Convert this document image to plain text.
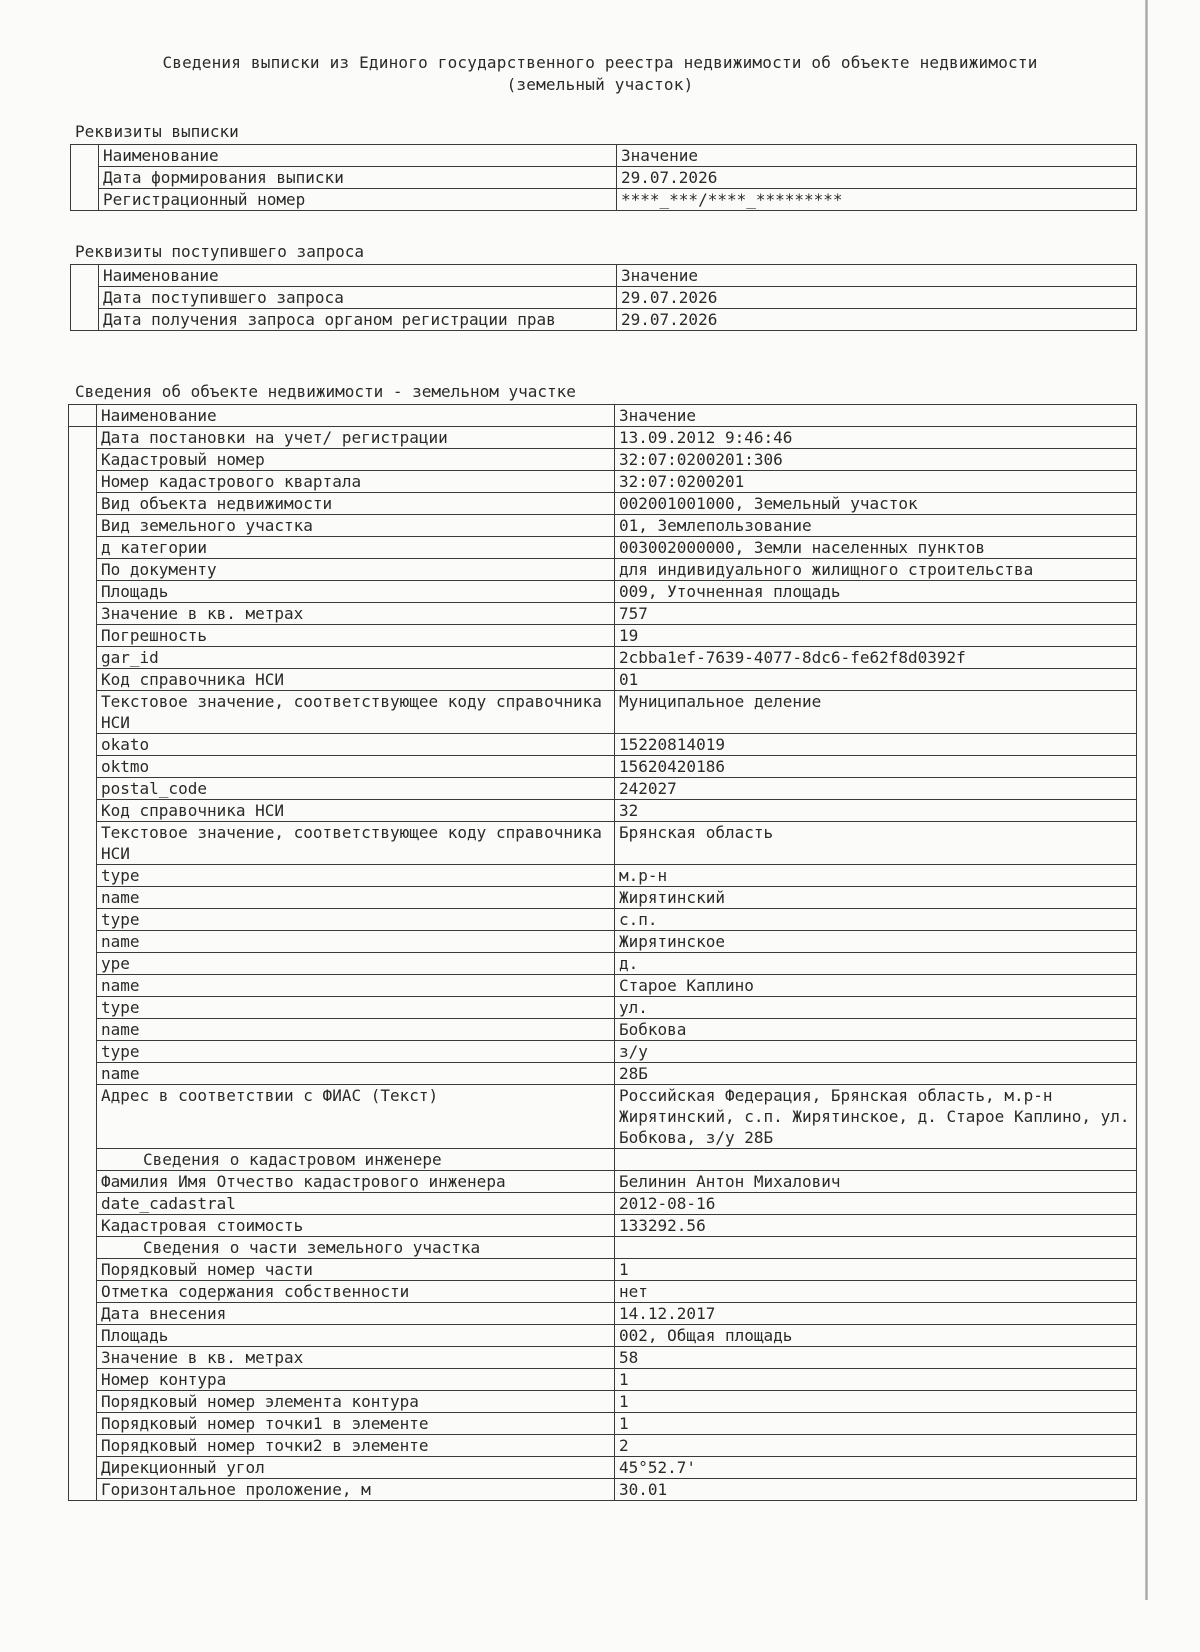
Сведения выписки из Единого государственного реестра недвижимости об объекте недвижимости
(земельный участок)
Реквизиты выписки
	Наименование	Значение
	Дата формирования выписки	29.07.2026
	Регистрационный номер	****_***/****_*********
Реквизиты поступившего запроса
	Наименование	Значение
	Дата поступившего запроса	29.07.2026
	Дата получения запроса органом регистрации прав	29.07.2026
Сведения об объекте недвижимости - земельном участке
	Наименование	Значение
	Дата постановки на учет/ регистрации	13.09.2012 9:46:46
	Кадастровый номер	32:07:0200201:306
	Номер кадастрового квартала	32:07:0200201
	Вид объекта недвижимости	002001001000, Земельный участок
	Вид земельного участка	01, Землепользование
	д категории	003002000000, Земли населенных пунктов
	По документу	для индивидуального жилищного строительства
	Площадь	009, Уточненная площадь
	Значение в кв. метрах	757
	Погрешность	19
	gar_id	2cbba1ef-7639-4077-8dc6-fe62f8d0392f
	Код справочника НСИ	01
	Текстовое значение, соответствующее коду справочника НСИ	Муниципальное деление
	okato	15220814019
	oktmo	15620420186
	postal_code	242027
	Код справочника НСИ	32
	Текстовое значение, соответствующее коду справочника НСИ	Брянская область
	type	м.р-н
	name	Жирятинский
	type	с.п.
	name	Жирятинское
	ype	д.
	name	Старое Каплино
	type	ул.
	name	Бобкова
	type	з/у
	name	28Б
	Адрес в соответствии с ФИАС (Текст)	Российская Федерация, Брянская область, м.р-н Жирятинский, с.п. Жирятинское, д. Старое Каплино, ул. Бобкова, з/у 28Б
	Сведения о кадастровом инженере	
	Фамилия Имя Отчество кадастрового инженера	Белинин Антон Михалович
	date_cadastral	2012-08-16
	Кадастровая стоимость	133292.56
	Сведения о части земельного участка	
	Порядковый номер части	1
	Отметка содержания собственности	нет
	Дата внесения	14.12.2017
	Площадь	002, Общая площадь
	Значение в кв. метрах	58
	Номер контура	1
	Порядковый номер элемента контура	1
	Порядковый номер точки1 в элементе	1
	Порядковый номер точки2 в элементе	2
	Дирекционный угол	45°52.7'
	Горизонтальное проложение, м	30.01
